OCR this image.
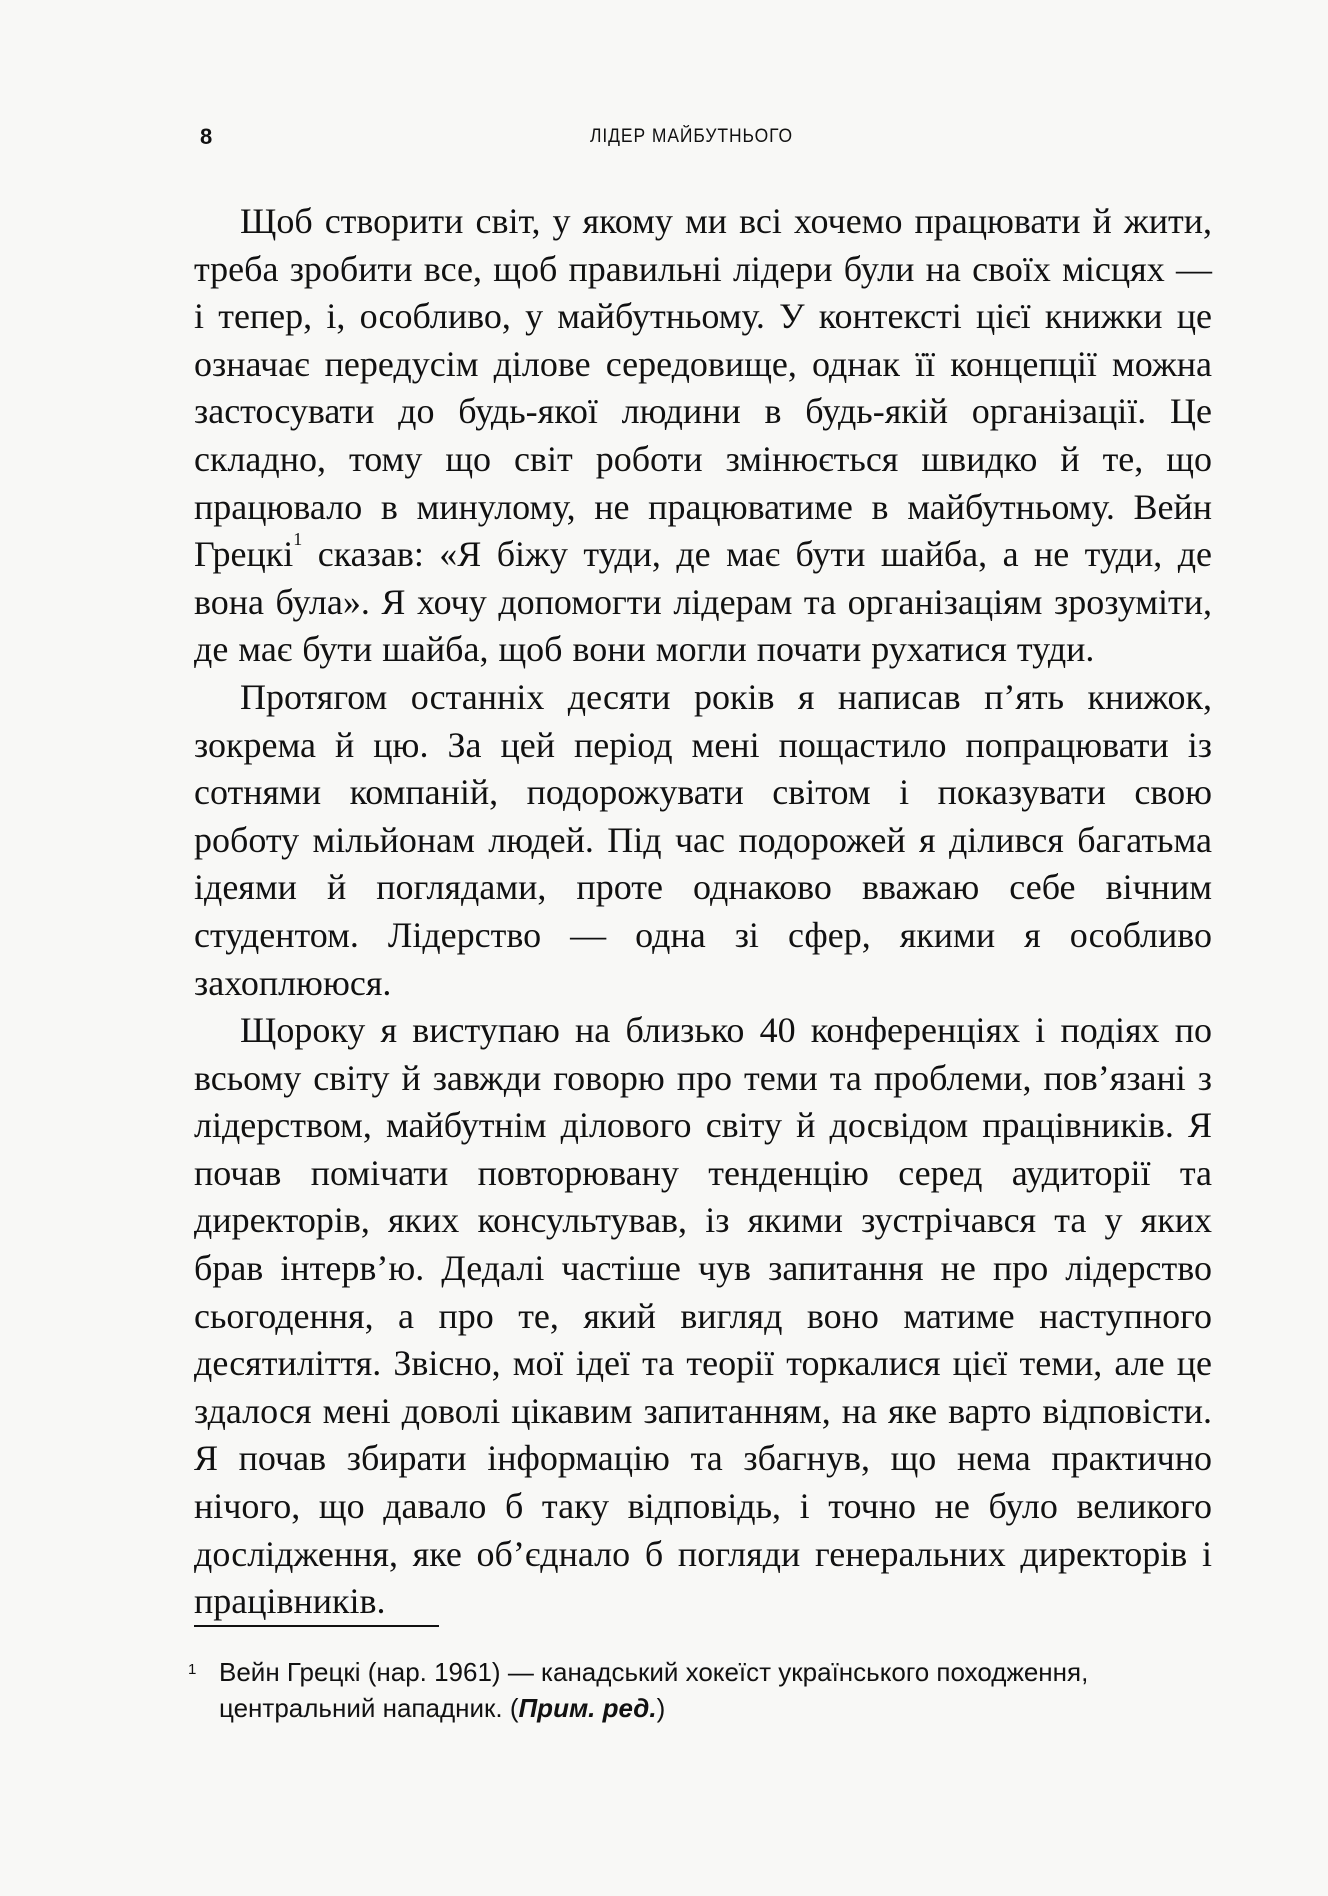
8	ЛІДЕР МАЙБУТНЬОГО

Щоб створити світ, у якому ми всі хочемо працювати й жити, треба зробити все, щоб правильні лідери були на своїх місцях — і тепер, і, особливо, у майбутньому. У контексті цієї книжки це означає передусім ділове середовище, однак її концепції можна застосувати до будь-якої людини в будь-якій організації. Це складно, тому що світ роботи змінюється швидко й те, що працювало в минулому, не працюватиме в майбутньому. Вейн Грецкі$^1$ сказав: «Я біжу туди, де має бути шайба, а не туди, де вона була». Я хочу допомогти лідерам та організаціям зрозуміти, де має бути шайба, щоб вони могли почати рухатися туди.

Протягом останніх десяти років я написав п’ять книжок, зокрема й цю. За цей період мені пощастило попрацювати із сотнями компаній, подорожувати світом і показувати свою роботу мільйонам людей. Під час подорожей я ділився багатьма ідеями й поглядами, проте однаково вважаю себе вічним студентом. Лідерство — одна зі сфер, якими я особливо захоплююся.

Щороку я виступаю на близько 40 конференціях і подіях по всьому світу й завжди говорю про теми та проблеми, пов’язані з лідерством, майбутнім ділового світу й досвідом працівників. Я почав помічати повторювану тенденцію серед аудиторії та директорів, яких консультував, із якими зустрічався та у яких брав інтерв’ю. Дедалі частіше чув запитання не про лідерство сьогодення, а про те, який вигляд воно матиме наступного десятиліття. Звісно, мої ідеї та теорії торкалися цієї теми, але це здалося мені доволі цікавим запитанням, на яке варто відповісти. Я почав збирати інформацію та збагнув, що нема практично нічого, що давало б таку відповідь, і точно не було великого дослідження, яке об’єднало б погляди генеральних директорів і працівників.

1 Вейн Грецкі (нар. 1961) — канадський хокеїст українського походження, центральний нападник. (Прим. ред.)
